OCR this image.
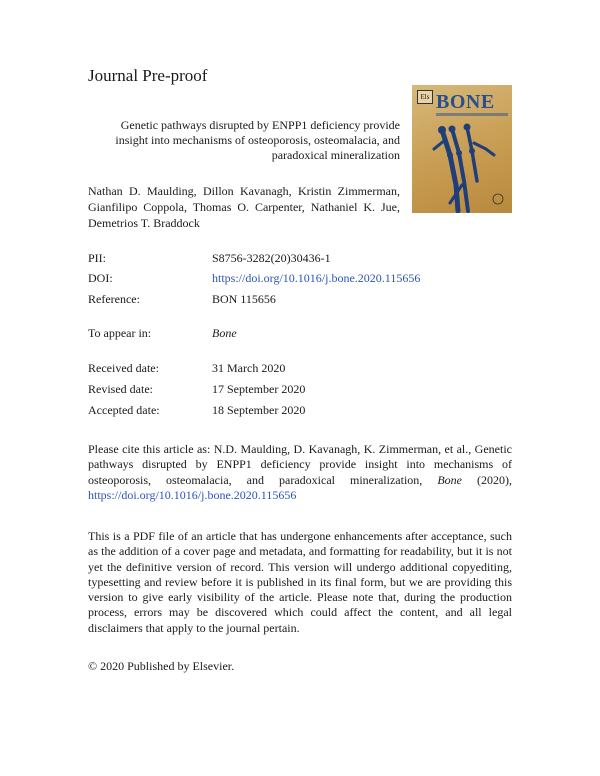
Journal Pre-proof
Genetic pathways disrupted by ENPP1 deficiency provide insight into mechanisms of osteoporosis, osteomalacia, and paradoxical mineralization
Nathan D. Maulding, Dillon Kavanagh, Kristin Zimmerman, Gianfilipo Coppola, Thomas O. Carpenter, Nathaniel K. Jue, Demetrios T. Braddock
Els BONE
PII:	S8756-3282(20)30436-1
DOI:	https://doi.org/10.1016/j.bone.2020.115656
Reference:	BON 115656
To appear in:	Bone
Received date:	31 March 2020
Revised date:	17 September 2020
Accepted date:	18 September 2020
Please cite this article as: N.D. Maulding, D. Kavanagh, K. Zimmerman, et al., Genetic pathways disrupted by ENPP1 deficiency provide insight into mechanisms of osteoporosis, osteomalacia, and paradoxical mineralization, Bone (2020), https://doi.org/10.1016/j.bone.2020.115656
This is a PDF file of an article that has undergone enhancements after acceptance, such as the addition of a cover page and metadata, and formatting for readability, but it is not yet the definitive version of record. This version will undergo additional copyediting, typesetting and review before it is published in its final form, but we are providing this version to give early visibility of the article. Please note that, during the production process, errors may be discovered which could affect the content, and all legal disclaimers that apply to the journal pertain.
© 2020 Published by Elsevier.
